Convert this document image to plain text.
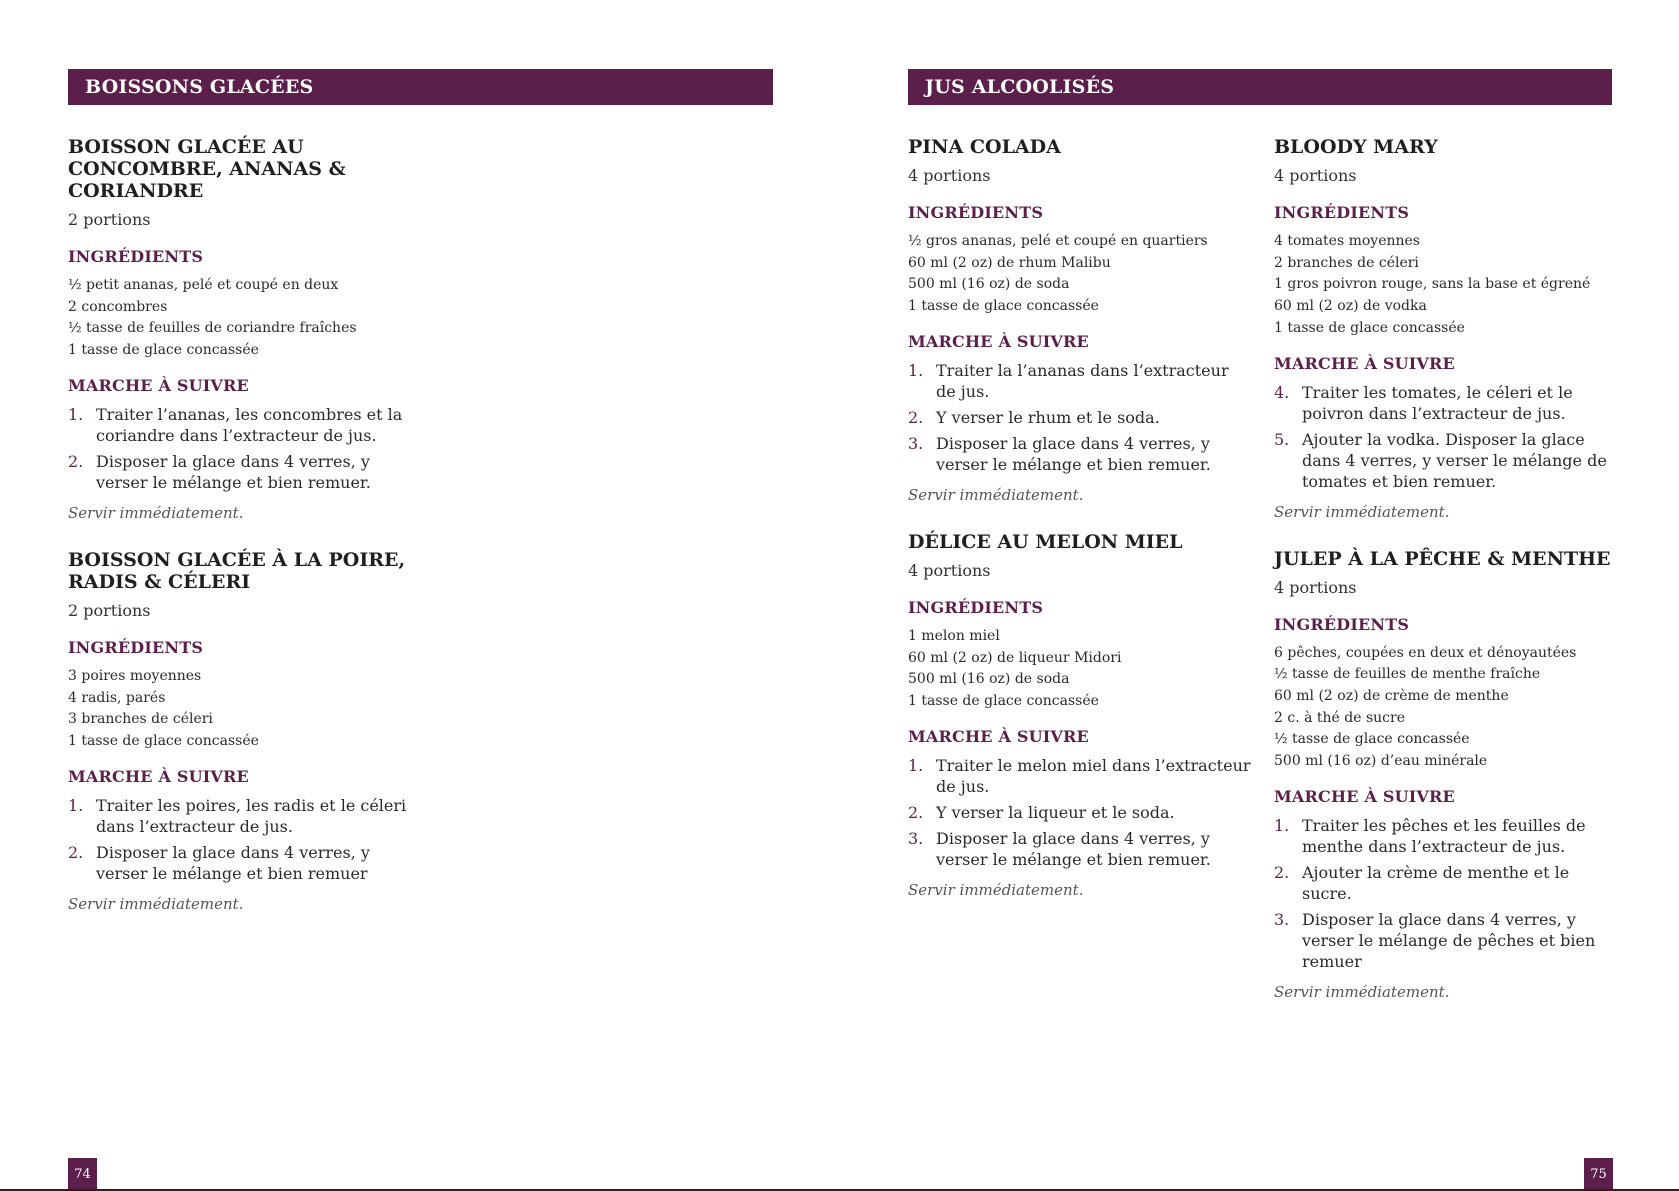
BOISSONS GLACÉES
BOISSON GLACÉE AU CONCOMBRE, ANANAS & CORIANDRE
2 portions
INGRÉDIENTS
½ petit ananas, pelé et coupé en deux
2 concombres
½ tasse de feuilles de coriandre fraîches
1 tasse de glace concassée
MARCHE À SUIVRE
1. Traiter l’ananas, les concombres et la coriandre dans l’extracteur de jus.
2. Disposer la glace dans 4 verres, y verser le mélange et bien remuer.
Servir immédiatement.
BOISSON GLACÉE À LA POIRE, RADIS & CÉLERI
2 portions
INGRÉDIENTS
3 poires moyennes
4 radis, parés
3 branches de céleri
1 tasse de glace concassée
MARCHE À SUIVRE
1. Traiter les poires, les radis et le céleri dans l’extracteur de jus.
2. Disposer la glace dans 4 verres, y verser le mélange et bien remuer
Servir immédiatement.
74
JUS ALCOOLISÉS
PINA COLADA
4 portions
INGRÉDIENTS
½ gros ananas, pelé et coupé en quartiers
60 ml (2 oz) de rhum Malibu
500 ml (16 oz) de soda
1 tasse de glace concassée
MARCHE À SUIVRE
1. Traiter la l’ananas dans l’extracteur de jus.
2. Y verser le rhum et le soda.
3. Disposer la glace dans 4 verres, y verser le mélange et bien remuer.
Servir immédiatement.
DÉLICE AU MELON MIEL
4 portions
INGRÉDIENTS
1 melon miel
60 ml (2 oz) de liqueur Midori
500 ml (16 oz) de soda
1 tasse de glace concassée
MARCHE À SUIVRE
1. Traiter le melon miel dans l’extracteur de jus.
2. Y verser la liqueur et le soda.
3. Disposer la glace dans 4 verres, y verser le mélange et bien remuer.
Servir immédiatement.
BLOODY MARY
4 portions
INGRÉDIENTS
4 tomates moyennes
2 branches de céleri
1 gros poivron rouge, sans la base et égrené
60 ml (2 oz) de vodka
1 tasse de glace concassée
MARCHE À SUIVRE
4. Traiter les tomates, le céleri et le poivron dans l’extracteur de jus.
5. Ajouter la vodka. Disposer la glace dans 4 verres, y verser le mélange de tomates et bien remuer.
Servir immédiatement.
JULEP À LA PÊCHE & MENTHE
4 portions
INGRÉDIENTS
6 pêches, coupées en deux et dénoyautées
½ tasse de feuilles de menthe fraîche
60 ml (2 oz) de crème de menthe
2 c. à thé de sucre
½ tasse de glace concassée
500 ml (16 oz) d’eau minérale
MARCHE À SUIVRE
1. Traiter les pêches et les feuilles de menthe dans l’extracteur de jus.
2. Ajouter la crème de menthe et le sucre.
3. Disposer la glace dans 4 verres, y verser le mélange de pêches et bien remuer
Servir immédiatement.
75
